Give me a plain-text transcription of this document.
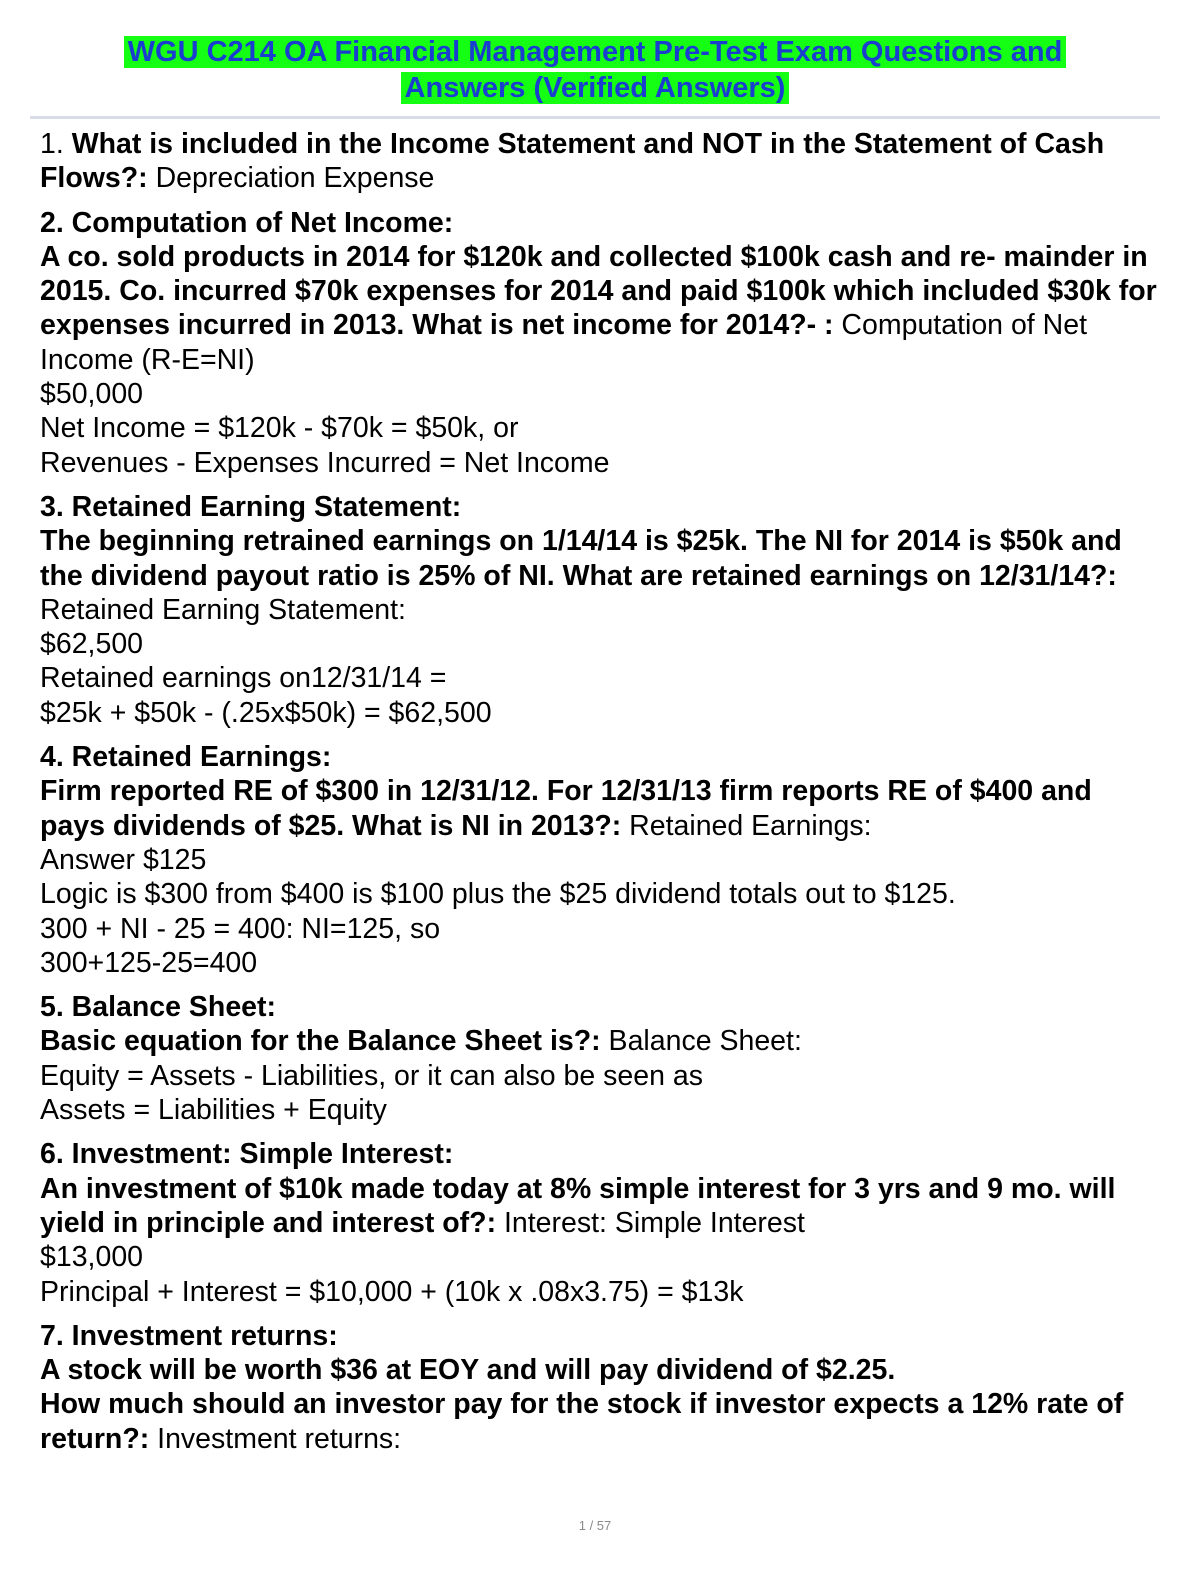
WGU C214 OA Financial Management Pre-Test Exam Questions and
Answers (Verified Answers)

1. What is included in the Income Statement and NOT in the Statement of Cash Flows?: Depreciation Expense

2. Computation of Net Income:

A co. sold products in 2014 for $120k and collected $100k cash and re- mainder in 2015. Co. incurred $70k expenses for 2014 and paid $100k which included $30k for expenses incurred in 2013. What is net income for 2014?- : Computation of Net Income (R-E=NI)

$50,000

Net Income = $120k - $70k = $50k, or

Revenues - Expenses Incurred = Net Income

3. Retained Earning Statement:

The beginning retrained earnings on 1/14/14 is $25k. The NI for 2014 is $50k and the dividend payout ratio is 25% of NI. What are retained earnings on 12/31/14?: Retained Earning Statement:

$62,500

Retained earnings on12/31/14 =

$25k + $50k - (.25x$50k) = $62,500

4. Retained Earnings:

Firm reported RE of $300 in 12/31/12. For 12/31/13 firm reports RE of $400 and pays dividends of $25. What is NI in 2013?: Retained Earnings:

Answer $125

Logic is $300 from $400 is $100 plus the $25 dividend totals out to $125.

300 + NI - 25 = 400: NI=125, so

300+125-25=400

5. Balance Sheet:

Basic equation for the Balance Sheet is?: Balance Sheet:

Equity = Assets - Liabilities, or it can also be seen as

Assets = Liabilities + Equity

6. Investment: Simple Interest:

An investment of $10k made today at 8% simple interest for 3 yrs and 9 mo. will yield in principle and interest of?: Interest: Simple Interest

$13,000

Principal + Interest = $10,000 + (10k x .08x3.75) = $13k

7. Investment returns:

A stock will be worth $36 at EOY and will pay dividend of $2.25.

How much should an investor pay for the stock if investor expects a 12% rate of return?: Investment returns:

1 / 57
